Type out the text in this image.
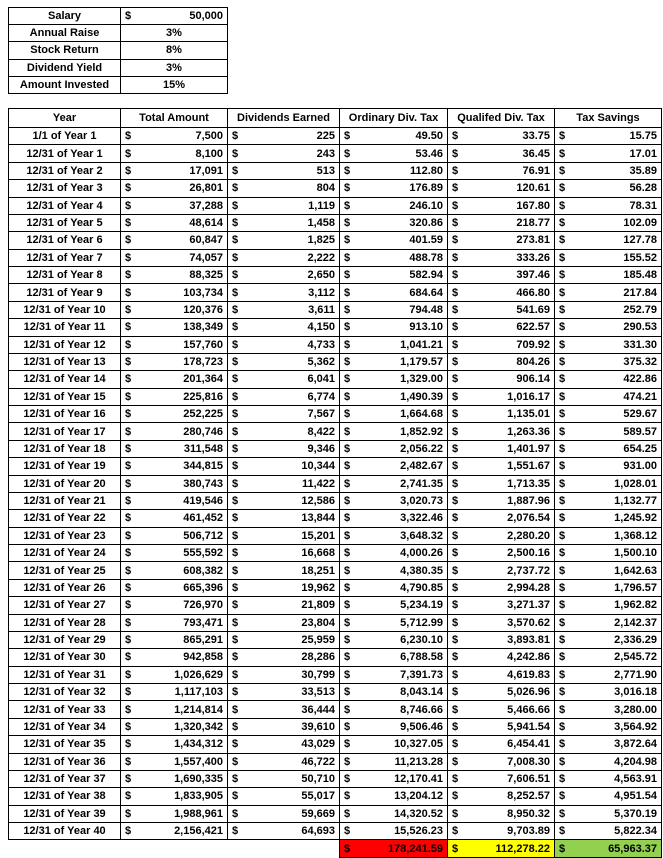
Salary	$ 50,000

Annual Raise	3%
Stock Return	8%
Dividend Yield	3%
Amount Invested	15%
Year	Total Amount	Dividends Earned	Ordinary Div. Tax	Qualifed Div. Tax	Tax Savings
1/1 of Year 1	$ 7,500	$ 225	$ 49.50	$ 33.75	$ 15.75

12/31 of Year 1	$ 8,100	$ 243	$ 53.46	$ 36.45	$ 17.01

12/31 of Year 2	$ 17,091	$ 513	$ 112.80	$ 76.91	$ 35.89

12/31 of Year 3	$ 26,801	$ 804	$ 176.89	$ 120.61	$ 56.28

12/31 of Year 4	$ 37,288	$ 1,119	$ 246.10	$ 167.80	$ 78.31

12/31 of Year 5	$ 48,614	$ 1,458	$ 320.86	$ 218.77	$ 102.09

12/31 of Year 6	$ 60,847	$ 1,825	$ 401.59	$ 273.81	$ 127.78

12/31 of Year 7	$ 74,057	$ 2,222	$ 488.78	$ 333.26	$ 155.52

12/31 of Year 8	$ 88,325	$ 2,650	$ 582.94	$ 397.46	$ 185.48

12/31 of Year 9	$ 103,734	$ 3,112	$ 684.64	$ 466.80	$ 217.84

12/31 of Year 10	$ 120,376	$ 3,611	$ 794.48	$ 541.69	$ 252.79

12/31 of Year 11	$ 138,349	$ 4,150	$ 913.10	$ 622.57	$ 290.53

12/31 of Year 12	$ 157,760	$ 4,733	$ 1,041.21	$ 709.92	$ 331.30

12/31 of Year 13	$ 178,723	$ 5,362	$ 1,179.57	$ 804.26	$ 375.32

12/31 of Year 14	$ 201,364	$ 6,041	$ 1,329.00	$ 906.14	$ 422.86

12/31 of Year 15	$ 225,816	$ 6,774	$ 1,490.39	$ 1,016.17	$ 474.21

12/31 of Year 16	$ 252,225	$ 7,567	$ 1,664.68	$ 1,135.01	$ 529.67

12/31 of Year 17	$ 280,746	$ 8,422	$ 1,852.92	$ 1,263.36	$ 589.57

12/31 of Year 18	$ 311,548	$ 9,346	$ 2,056.22	$ 1,401.97	$ 654.25

12/31 of Year 19	$ 344,815	$ 10,344	$ 2,482.67	$ 1,551.67	$ 931.00

12/31 of Year 20	$ 380,743	$ 11,422	$ 2,741.35	$ 1,713.35	$ 1,028.01

12/31 of Year 21	$ 419,546	$ 12,586	$ 3,020.73	$ 1,887.96	$ 1,132.77

12/31 of Year 22	$ 461,452	$ 13,844	$ 3,322.46	$ 2,076.54	$ 1,245.92

12/31 of Year 23	$ 506,712	$ 15,201	$ 3,648.32	$ 2,280.20	$ 1,368.12

12/31 of Year 24	$ 555,592	$ 16,668	$ 4,000.26	$ 2,500.16	$ 1,500.10

12/31 of Year 25	$ 608,382	$ 18,251	$ 4,380.35	$ 2,737.72	$ 1,642.63

12/31 of Year 26	$ 665,396	$ 19,962	$ 4,790.85	$ 2,994.28	$ 1,796.57

12/31 of Year 27	$ 726,970	$ 21,809	$ 5,234.19	$ 3,271.37	$ 1,962.82

12/31 of Year 28	$ 793,471	$ 23,804	$ 5,712.99	$ 3,570.62	$ 2,142.37

12/31 of Year 29	$ 865,291	$ 25,959	$ 6,230.10	$ 3,893.81	$ 2,336.29

12/31 of Year 30	$ 942,858	$ 28,286	$ 6,788.58	$ 4,242.86	$ 2,545.72

12/31 of Year 31	$ 1,026,629	$ 30,799	$ 7,391.73	$ 4,619.83	$ 2,771.90

12/31 of Year 32	$ 1,117,103	$ 33,513	$ 8,043.14	$ 5,026.96	$ 3,016.18

12/31 of Year 33	$ 1,214,814	$ 36,444	$ 8,746.66	$ 5,466.66	$ 3,280.00

12/31 of Year 34	$ 1,320,342	$ 39,610	$ 9,506.46	$ 5,941.54	$ 3,564.92

12/31 of Year 35	$ 1,434,312	$ 43,029	$ 10,327.05	$ 6,454.41	$ 3,872.64

12/31 of Year 36	$ 1,557,400	$ 46,722	$ 11,213.28	$ 7,008.30	$ 4,204.98

12/31 of Year 37	$ 1,690,335	$ 50,710	$ 12,170.41	$ 7,606.51	$ 4,563.91

12/31 of Year 38	$ 1,833,905	$ 55,017	$ 13,204.12	$ 8,252.57	$ 4,951.54

12/31 of Year 39	$ 1,988,961	$ 59,669	$ 14,320.52	$ 8,950.32	$ 5,370.19

12/31 of Year 40	$ 2,156,421	$ 64,693	$ 15,526.23	$ 9,703.89	$ 5,822.34

			$ 178,241.59	$ 112,278.22	$ 65,963.37
